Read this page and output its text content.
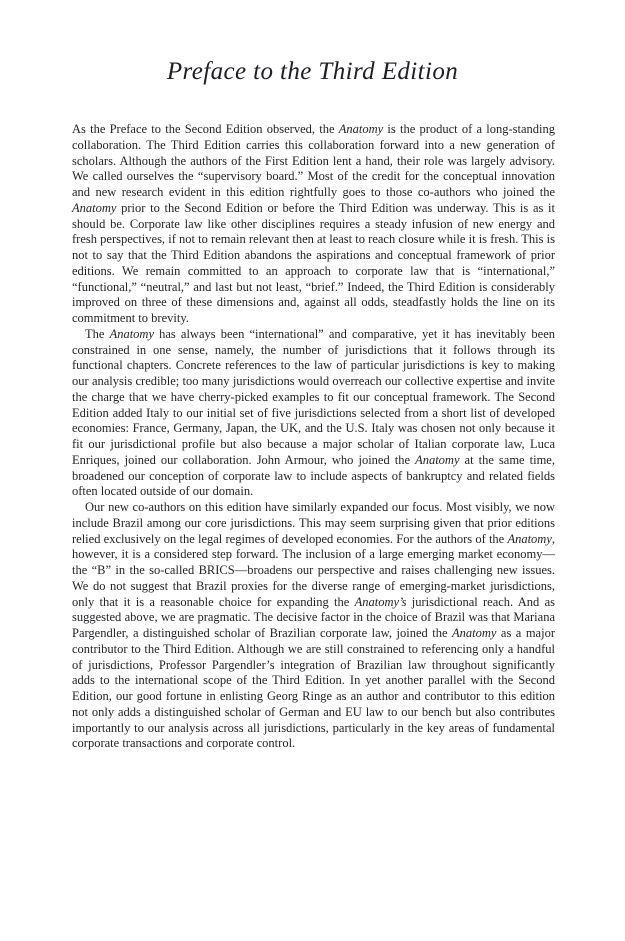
Preface to the Third Edition

As the Preface to the Second Edition observed, the Anatomy is the product of a long-standing collaboration. The Third Edition carries this collaboration forward into a new generation of scholars. Although the authors of the First Edition lent a hand, their role was largely advisory. We called ourselves the “supervisory board.” Most of the credit for the conceptual innovation and new research evident in this edition rightfully goes to those co-authors who joined the Anatomy prior to the Second Edition or before the Third Edition was underway. This is as it should be. Corporate law like other disciplines requires a steady infusion of new energy and fresh perspectives, if not to remain relevant then at least to reach closure while it is fresh. This is not to say that the Third Edition abandons the aspirations and conceptual framework of prior editions. We remain committed to an approach to corporate law that is “international,” “functional,” “neutral,” and last but not least, “brief.” Indeed, the Third Edition is considerably improved on three of these dimensions and, against all odds, steadfastly holds the line on its commitment to brevity.

The Anatomy has always been “international” and comparative, yet it has inevitably been constrained in one sense, namely, the number of jurisdictions that it follows through its functional chapters. Concrete references to the law of particular jurisdictions is key to making our analysis credible; too many jurisdictions would overreach our collective expertise and invite the charge that we have cherry-picked examples to fit our conceptual framework. The Second Edition added Italy to our initial set of five jurisdictions selected from a short list of developed economies: France, Germany, Japan, the UK, and the U.S. Italy was chosen not only because it fit our jurisdictional profile but also because a major scholar of Italian corporate law, Luca Enriques, joined our collaboration. John Armour, who joined the Anatomy at the same time, broadened our conception of corporate law to include aspects of bankruptcy and related fields often located outside of our domain.

Our new co-authors on this edition have similarly expanded our focus. Most visibly, we now include Brazil among our core jurisdictions. This may seem surprising given that prior editions relied exclusively on the legal regimes of developed economies. For the authors of the Anatomy, however, it is a considered step forward. The inclusion of a large emerging market economy—the “B” in the so-called BRICS—broadens our perspective and raises challenging new issues. We do not suggest that Brazil proxies for the diverse range of emerging-market jurisdictions, only that it is a reasonable choice for expanding the Anatomy’s jurisdictional reach. And as suggested above, we are pragmatic. The decisive factor in the choice of Brazil was that Mariana Pargendler, a distinguished scholar of Brazilian corporate law, joined the Anatomy as a major contributor to the Third Edition. Although we are still constrained to referencing only a handful of jurisdictions, Professor Pargendler’s integration of Brazilian law throughout significantly adds to the international scope of the Third Edition. In yet another parallel with the Second Edition, our good fortune in enlisting Georg Ringe as an author and contributor to this edition not only adds a distinguished scholar of German and EU law to our bench but also contributes importantly to our analysis across all jurisdictions, particularly in the key areas of fundamental corporate transactions and corporate control.
